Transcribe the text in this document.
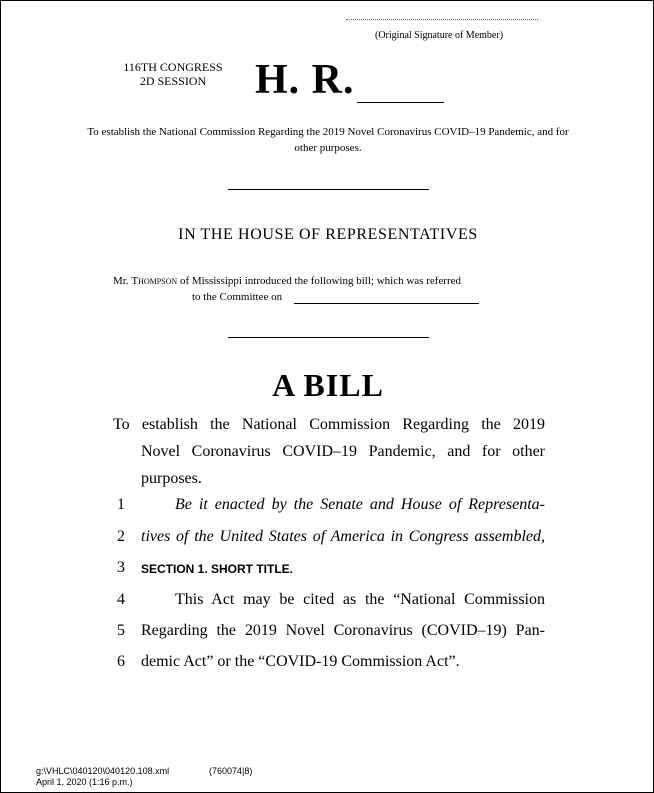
(Original Signature of Member)
116TH CONGRESS
2D SESSION	H. R.
To establish the National Commission Regarding the 2019 Novel Coronavirus COVID–19 Pandemic, and for other purposes.
IN THE HOUSE OF REPRESENTATIVES
Mr. Thompson of Mississippi introduced the following bill; which was referred
to the Committee on
A BILL
To establish the National Commission Regarding the 2019
Novel Coronavirus COVID–19 Pandemic, and for other
purposes.
1	Be it enacted by the Senate and House of Representa-
2 tives of the United States of America in Congress assembled,
3	SECTION 1. SHORT TITLE.
4	This Act may be cited as the “National Commission
5 Regarding the 2019 Novel Coronavirus (COVID–19) Pan-
6 demic Act” or the “COVID-19 Commission Act”.
g:\VHLC\040120\040120.108.xml	(760074|8)
April 1, 2020 (1:16 p.m.)
